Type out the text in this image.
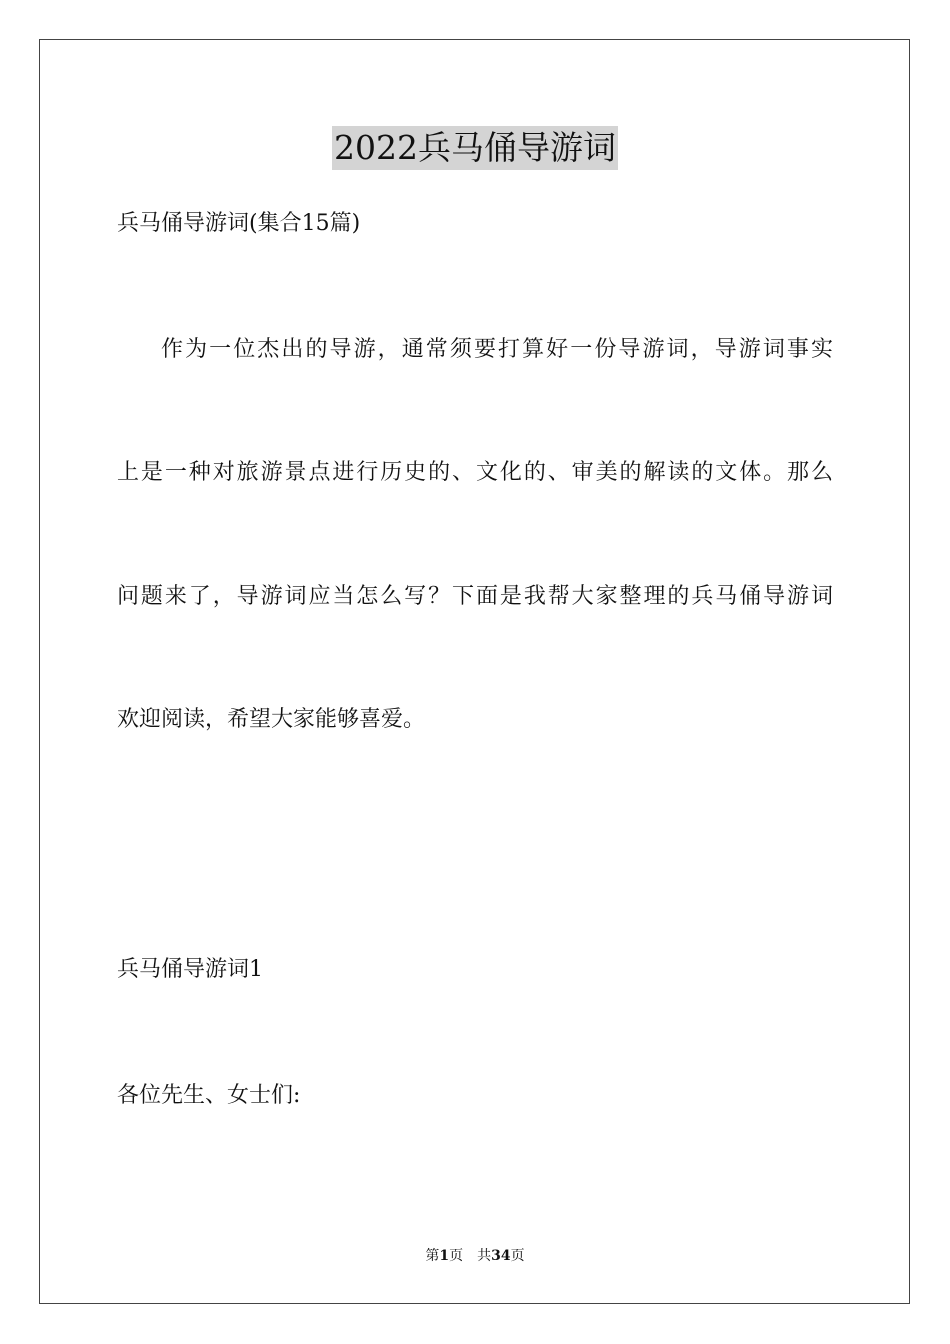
2022兵马俑导游词
兵马俑导游词(集合15篇)
作为一位杰出的导游，通常须要打算好一份导游词，导游词事实
上是一种对旅游景点进行历史的、文化的、审美的解读的文体。那么
问题来了，导游词应当怎么写？下面是我帮大家整理的兵马俑导游词
欢迎阅读，希望大家能够喜爱。
兵马俑导游词1
各位先生、女士们:
第1页 共34页
